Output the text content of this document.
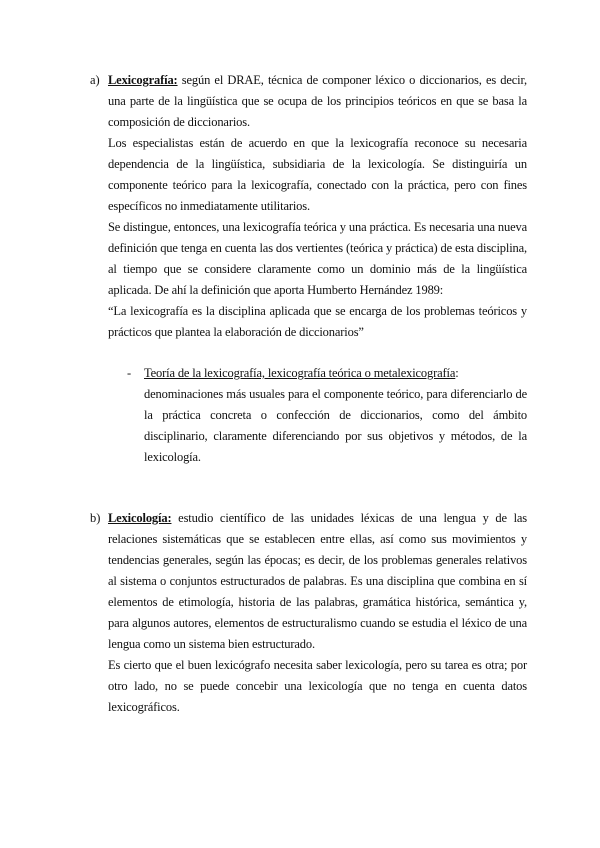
a) Lexicografía: según el DRAE, técnica de componer léxico o diccionarios, es decir, una parte de la lingüística que se ocupa de los principios teóricos en que se basa la composición de diccionarios.

Los especialistas están de acuerdo en que la lexicografía reconoce su necesaria dependencia de la lingüística, subsidiaria de la lexicología. Se distinguiría un componente teórico para la lexicografía, conectado con la práctica, pero con fines específicos no inmediatamente utilitarios.

Se distingue, entonces, una lexicografía teórica y una práctica. Es necesaria una nueva definición que tenga en cuenta las dos vertientes (teórica y práctica) de esta disciplina, al tiempo que se considere claramente como un dominio más de la lingüística aplicada. De ahí la definición que aporta Humberto Hernández 1989:

“La lexicografía es la disciplina aplicada que se encarga de los problemas teóricos y prácticos que plantea la elaboración de diccionarios”

- Teoría de la lexicografía, lexicografía teórica o metalexicografía:

denominaciones más usuales para el componente teórico, para diferenciarlo de la práctica concreta o confección de diccionarios, como del ámbito disciplinario, claramente diferenciando por sus objetivos y métodos, de la lexicología.

b) Lexicología: estudio científico de las unidades léxicas de una lengua y de las relaciones sistemáticas que se establecen entre ellas, así como sus movimientos y tendencias generales, según las épocas; es decir, de los problemas generales relativos al sistema o conjuntos estructurados de palabras. Es una disciplina que combina en sí elementos de etimología, historia de las palabras, gramática histórica, semántica y, para algunos autores, elementos de estructuralismo cuando se estudia el léxico de una lengua como un sistema bien estructurado.

Es cierto que el buen lexicógrafo necesita saber lexicología, pero su tarea es otra; por otro lado, no se puede concebir una lexicología que no tenga en cuenta datos lexicográficos.
